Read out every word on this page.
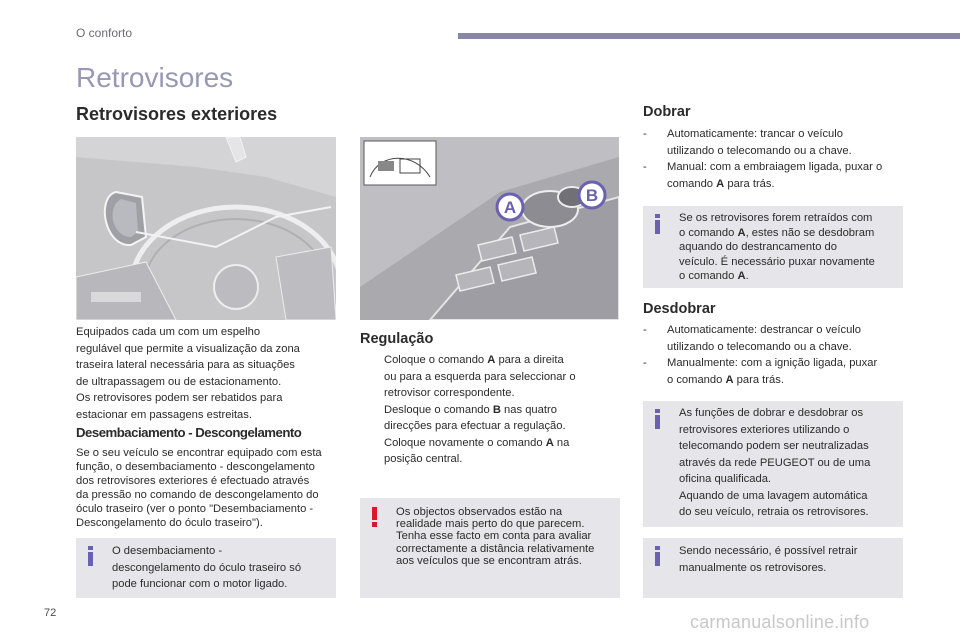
O conforto
Retrovisores
Retrovisores exteriores
A
B
Equipados cada um com um espelho
regulável que permite a visualização da zona
traseira lateral necessária para as situações
de ultrapassagem ou de estacionamento.
Os retrovisores podem ser rebatidos para
estacionar em passagens estreitas.
Desembaciamento - Descongelamento
Se o seu veículo se encontrar equipado com esta
função, o desembaciamento - descongelamento
dos retrovisores exteriores é efectuado através
da pressão no comando de descongelamento do
óculo traseiro (ver o ponto "Desembaciamento -
Descongelamento do óculo traseiro").
O desembaciamento -
descongelamento do óculo traseiro só
pode funcionar com o motor ligado.
Regulação
Coloque o comando A para a direita
ou para a esquerda para seleccionar o
retrovisor correspondente.
Desloque o comando B nas quatro
direcções para efectuar a regulação.
Coloque novamente o comando A na
posição central.
Os objectos observados estão na
realidade mais perto do que parecem.
Tenha esse facto em conta para avaliar
correctamente a distância relativamente
aos veículos que se encontram atrás.
Dobrar
-	Automaticamente: trancar o veículo
utilizando o telecomando ou a chave.
-	Manual: com a embraiagem ligada, puxar o
comando A para trás.
Se os retrovisores forem retraídos com
o comando A, estes não se desdobram
aquando do destrancamento do
veículo. É necessário puxar novamente
o comando A.
Desdobrar
-	Automaticamente: destrancar o veículo
utilizando o telecomando ou a chave.
-	Manualmente: com a ignição ligada, puxar
o comando A para trás.
As funções de dobrar e desdobrar os
retrovisores exteriores utilizando o
telecomando podem ser neutralizadas
através da rede PEUGEOT ou de uma
oficina qualificada.
Aquando de uma lavagem automática
do seu veículo, retraia os retrovisores.
Sendo necessário, é possível retrair
manualmente os retrovisores.
72	carmanualsonline.info
